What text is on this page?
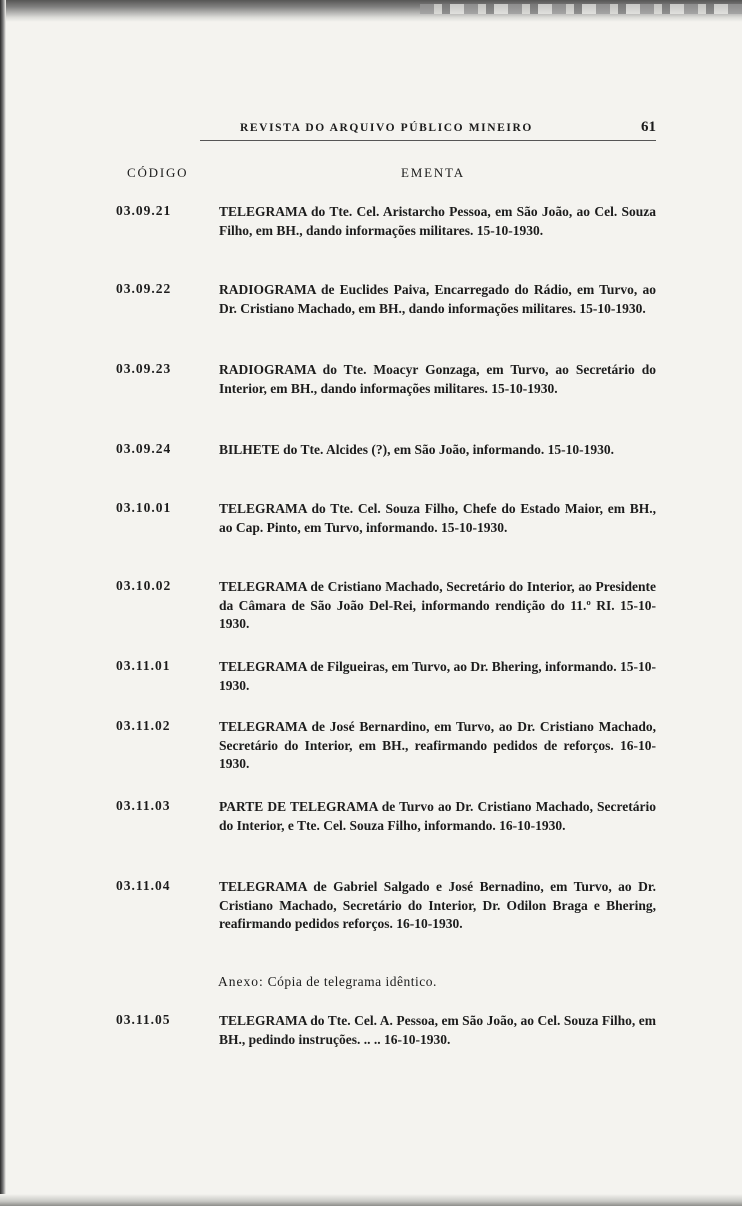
REVISTA DO ARQUIVO PÚBLICO MINEIRO	61
CÓDIGO	EMENTA
03.09.21	TELEGRAMA do Tte. Cel. Aristarcho Pessoa, em São João, ao Cel. Souza Filho, em BH., dando informações militares. 15-10-1930.
03.09.22	RADIOGRAMA de Euclides Paiva, Encarregado do Rádio, em Turvo, ao Dr. Cristiano Machado, em BH., dando informações militares. 15-10-1930.
03.09.23	RADIOGRAMA do Tte. Moacyr Gonzaga, em Turvo, ao Secretário do Interior, em BH., dando informações militares. 15-10-1930.
03.09.24	BILHETE do Tte. Alcides (?), em São João, informando. 15-10-1930.
03.10.01	TELEGRAMA do Tte. Cel. Souza Filho, Chefe do Estado Maior, em BH., ao Cap. Pinto, em Turvo, informando. 15-10-1930.
03.10.02	TELEGRAMA de Cristiano Machado, Secretário do Interior, ao Presidente da Câmara de São João Del-Rei, informando rendição do 11.º RI. 15-10-1930.
03.11.01	TELEGRAMA de Filgueiras, em Turvo, ao Dr. Bhering, informando. 15-10-1930.
03.11.02	TELEGRAMA de José Bernardino, em Turvo, ao Dr. Cristiano Machado, Secretário do Interior, em BH., reafirmando pedidos de reforços. 16-10-1930.
03.11.03	PARTE DE TELEGRAMA de Turvo ao Dr. Cristiano Machado, Secretário do Interior, e Tte. Cel. Souza Filho, informando. 16-10-1930.
03.11.04	TELEGRAMA de Gabriel Salgado e José Bernadino, em Turvo, ao Dr. Cristiano Machado, Secretário do Interior, Dr. Odilon Braga e Bhering, reafirmando pedidos reforços. 16-10-1930.
Anexo: Cópia de telegrama idêntico.
03.11.05	TELEGRAMA do Tte. Cel. A. Pessoa, em São João, ao Cel. Souza Filho, em BH., pedindo instruções. .. .. 16-10-1930.
